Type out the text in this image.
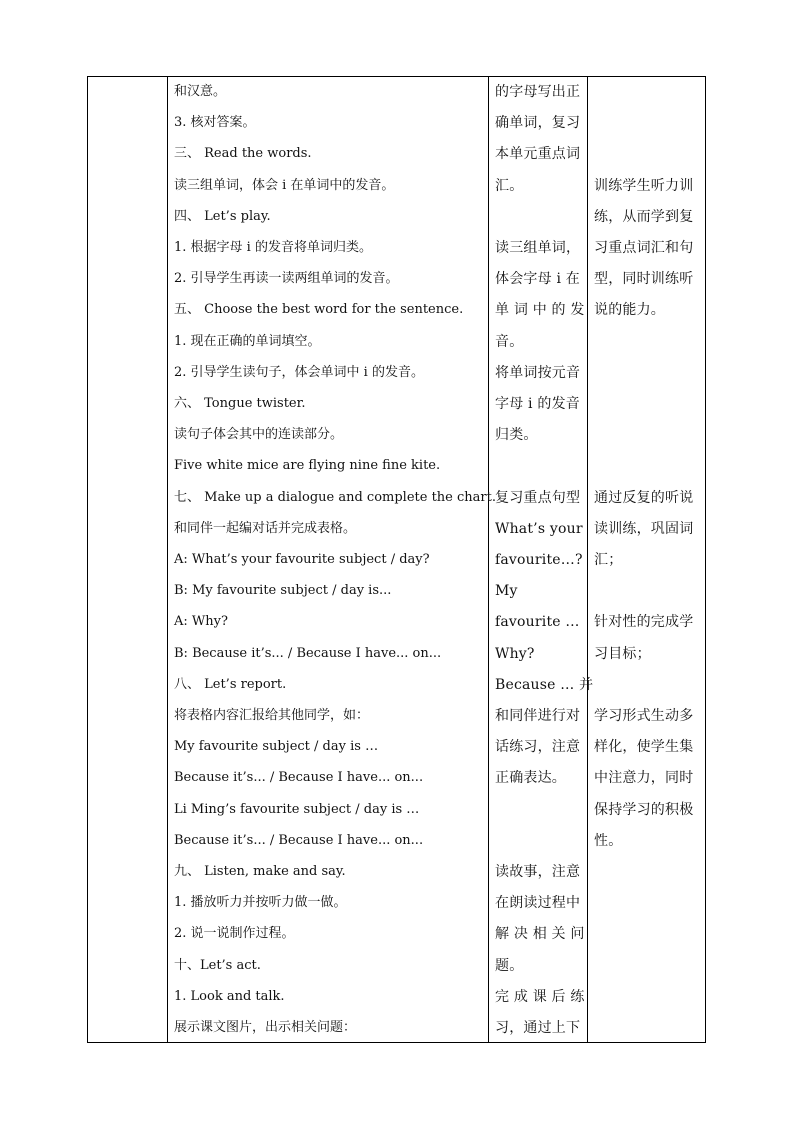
和汉意。
3. 核对答案。
三、 Read the words.
读三组单词，体会 i 在单词中的发音。
四、 Let’s play.
1. 根据字母 i 的发音将单词归类。
2. 引导学生再读一读两组单词的发音。
五、 Choose the best word for the sentence.
1. 现在正确的单词填空。
2. 引导学生读句子，体会单词中 i 的发音。
六、 Tongue twister.
读句子体会其中的连读部分。
Five white mice are flying nine fine kite.
七、 Make up a dialogue and complete the chart.
和同伴一起编对话并完成表格。
A: What’s your favourite subject / day?
B: My favourite subject / day is...
A: Why?
B: Because it’s... / Because I have... on...
八、 Let’s report.
将表格内容汇报给其他同学，如：
My favourite subject / day is …
Because it’s... / Because I have... on...
Li Ming’s favourite subject / day is …
Because it’s... / Because I have... on...
九、 Listen, make and say.
1. 播放听力并按听力做一做。
2. 说一说制作过程。
十、Let’s act.
1. Look and talk.
展示课文图片，出示相关问题：
的字母写出正
确单词，复习
本单元重点词
汇。
读三组单词，
体会字母 i 在
单 词 中 的 发
音。
将单词按元音
字母 i 的发音
归类。
复习重点句型
What’s your
favourite…?
My
favourite …
Why?
Because … 并
和同伴进行对
话练习，注意
正确表达。
读故事，注意
在朗读过程中
解 决 相 关 问
题。
完 成 课 后 练
习，通过上下
训练学生听力训
练，从而学到复
习重点词汇和句
型，同时训练听
说的能力。
通过反复的听说
读训练，巩固词
汇；
针对性的完成学
习目标；
学习形式生动多
样化，使学生集
中注意力，同时
保持学习的积极
性。
